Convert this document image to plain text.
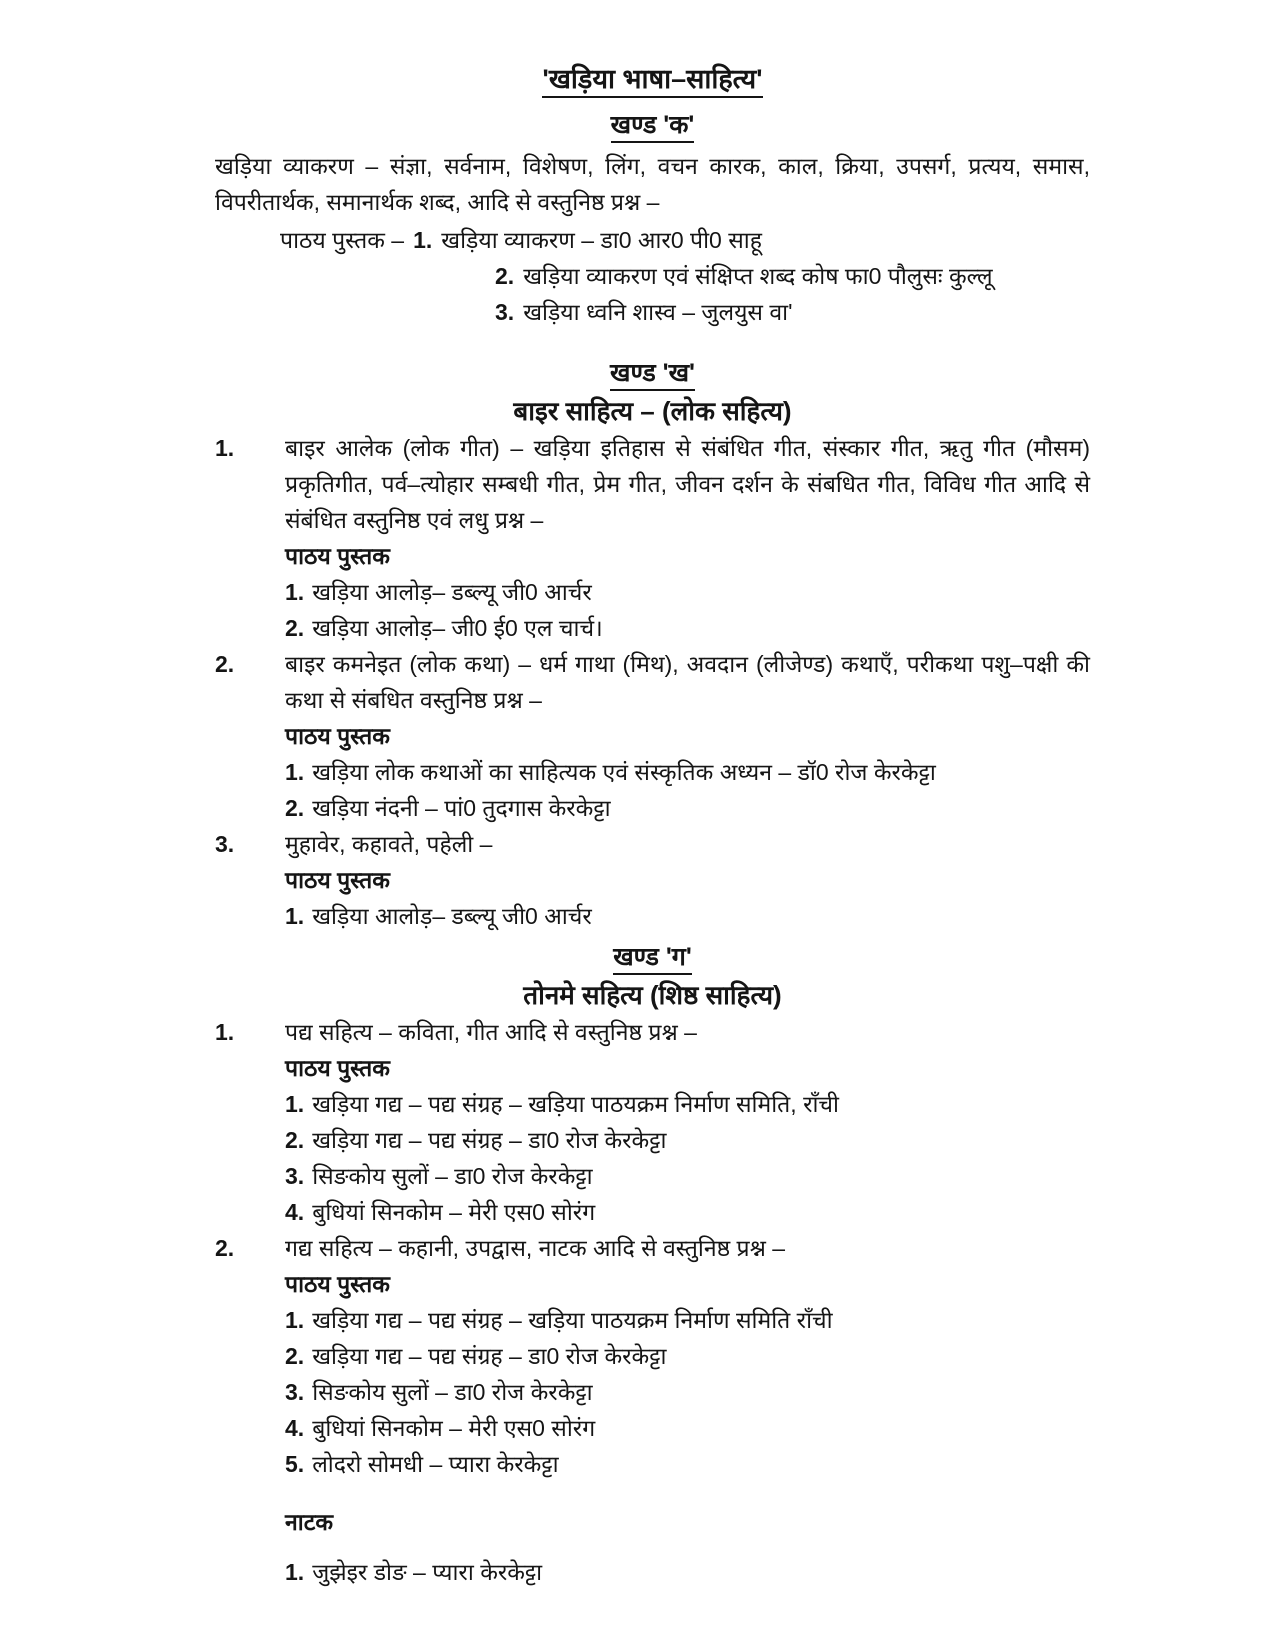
'खड़िया भाषा–साहित्य'
खण्ड 'क'
खड़िया व्याकरण – संज्ञा, सर्वनाम, विशेषण, लिंग, वचन कारक, काल, क्रिया, उपसर्ग, प्रत्यय, समास, विपरीतार्थक, समानार्थक शब्द, आदि से वस्तुनिष्ठ प्रश्न –
पाठय पुस्तक – 1. खड़िया व्याकरण – डा0 आर0 पी0 साहू
2. खड़िया व्याकरण एवं संक्षिप्त शब्द कोष फा0 पौलुसः कुल्लू
3. खड़िया ध्वनि शास्व – जुलयुस वा'
खण्ड 'ख'
बाइर साहित्य – (लोक सहित्य)
1.	बाइर आलेक (लोक गीत) – खड़िया इतिहास से संबंधित गीत, संस्कार गीत, ऋतु गीत (मौसम) प्रकृतिगीत, पर्व–त्योहार सम्बधी गीत, प्रेम गीत, जीवन दर्शन के संबधित गीत, विविध गीत आदि से संबंधित वस्तुनिष्ठ एवं लधु प्रश्न –
पाठय पुस्तक
1. खड़िया आलोड़– डब्ल्यू जी0 आर्चर
2. खड़िया आलोड़– जी0 ई0 एल चार्च।
2.	बाइर कमनेइत (लोक कथा) – धर्म गाथा (मिथ), अवदान (लीजेण्ड) कथाएँ, परीकथा पशु–पक्षी की कथा से संबधित वस्तुनिष्ठ प्रश्न –
पाठय पुस्तक
1. खड़िया लोक कथाओं का साहित्यक एवं संस्कृतिक अध्यन – डॉ0 रोज केरकेट्टा
2. खड़िया नंदनी – पां0 तुदगास केरकेट्टा
3.	मुहावेर, कहावते, पहेली –
पाठय पुस्तक
1. खड़िया आलोड़– डब्ल्यू जी0 आर्चर
खण्ड 'ग'
तोनमे सहित्य (शिष्ठ साहित्य)
1.	पद्य सहित्य – कविता, गीत आदि से वस्तुनिष्ठ प्रश्न –
पाठय पुस्तक
1. खड़िया गद्य – पद्य संग्रह – खड़िया पाठयक्रम निर्माण समिति, राँची
2. खड़िया गद्य – पद्य संग्रह – डा0 रोज केरकेट्टा
3. सिङकोय सुलों – डा0 रोज केरकेट्टा
4. बुधियां सिनकोम – मेरी एस0 सोरंग
2.	गद्य सहित्य – कहानी, उपद्वास, नाटक आदि से वस्तुनिष्ठ प्रश्न –
पाठय पुस्तक
1. खड़िया गद्य – पद्य संग्रह – खड़िया पाठयक्रम निर्माण समिति राँची
2. खड़िया गद्य – पद्य संग्रह – डा0 रोज केरकेट्टा
3. सिङकोय सुलों – डा0 रोज केरकेट्टा
4. बुधियां सिनकोम – मेरी एस0 सोरंग
5. लोदरो सोमधी – प्यारा केरकेट्टा
नाटक
1. जुझेइर डोङ – प्यारा केरकेट्टा
